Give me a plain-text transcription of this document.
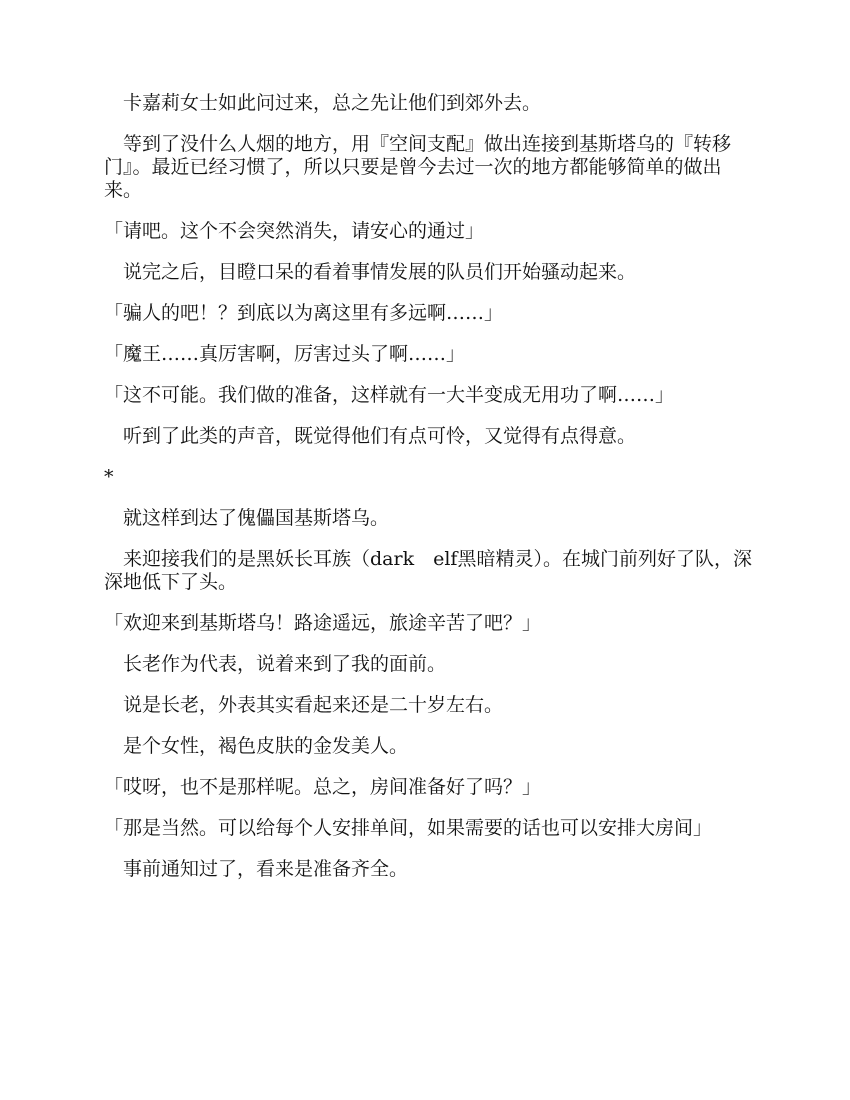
　卡嘉莉女士如此问过来，总之先让他们到郊外去。

　等到了没什么人烟的地方，用『空间支配』做出连接到基斯塔乌的『转移门』。最近已经习惯了，所以只要是曾今去过一次的地方都能够简单的做出来。

「请吧。这个不会突然消失，请安心的通过」

　说完之后，目瞪口呆的看着事情发展的队员们开始骚动起来。

「骗人的吧！？到底以为离这里有多远啊……」

「魔王……真厉害啊，厉害过头了啊……」

「这不可能。我们做的准备，这样就有一大半变成无用功了啊……」

　听到了此类的声音，既觉得他们有点可怜，又觉得有点得意。

*

　就这样到达了傀儡国基斯塔乌。

　来迎接我们的是黑妖长耳族（dark　elf黑暗精灵）。在城门前列好了队，深深地低下了头。

「欢迎来到基斯塔乌！路途遥远，旅途辛苦了吧？」

　长老作为代表，说着来到了我的面前。

　说是长老，外表其实看起来还是二十岁左右。

　是个女性，褐色皮肤的金发美人。

「哎呀，也不是那样呢。总之，房间准备好了吗？」

「那是当然。可以给每个人安排单间，如果需要的话也可以安排大房间」

　事前通知过了，看来是准备齐全。
